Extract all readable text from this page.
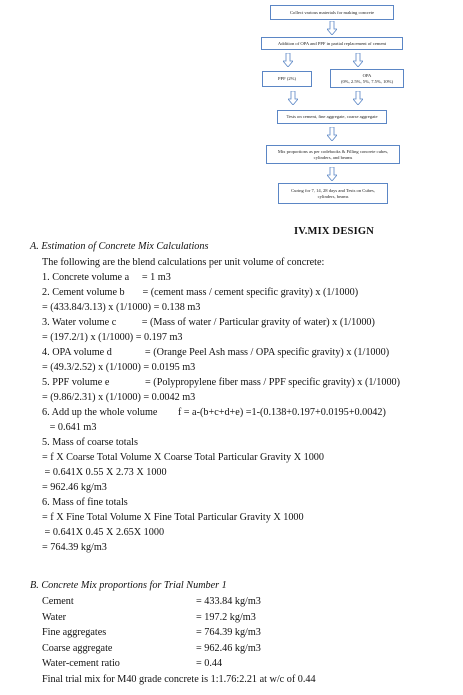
Collect various materials for making concrete
Addition of OPA and PPF in partial replacement of cement
PPF (2%)
OPA
(0%, 2.5%, 5%, 7.5%, 10%)
Tests on cement, fine aggregate, coarse aggregate
Mix proportions as per codebooks & Filling concrete cubes,
cylinders, and beams
Curing for 7, 14, 28 days and Tests on Cubes,
cylinders, beams
IV.MIX DESIGN
A. Estimation of Concrete Mix Calculations
The following are the blend calculations per unit volume of concrete:
1. Concrete volume a     = 1 m3
2. Cement volume b       = (cement mass / cement specific gravity) x (1/1000)
= (433.84/3.13) x (1/1000) = 0.138 m3
3. Water volume c          = (Mass of water / Particular gravity of water) x (1/1000)
= (197.2/1) x (1/1000) = 0.197 m3
4. OPA volume d             = (Orange Peel Ash mass / OPA specific gravity) x (1/1000)
= (49.3/2.52) x (1/1000) = 0.0195 m3
5. PPF volume e              = (Polypropylene fiber mass / PPF specific gravity) x (1/1000)
= (9.86/2.31) x (1/1000) = 0.0042 m3
6. Add up the whole volume        f = a-(b+c+d+e) =1-(0.138+0.197+0.0195+0.0042)
= 0.641 m3
5. Mass of coarse totals
= f X Coarse Total Volume X Coarse Total Particular Gravity X 1000
= 0.641X 0.55 X 2.73 X 1000
= 962.46 kg/m3
6. Mass of fine totals
= f X Fine Total Volume X Fine Total Particular Gravity X 1000
= 0.641X 0.45 X 2.65X 1000
= 764.39 kg/m3
B. Concrete Mix proportions for Trial Number 1
Cement	= 433.84 kg/m3
Water	= 197.2 kg/m3
Fine aggregates	= 764.39 kg/m3
Coarse aggregate	= 962.46 kg/m3
Water-cement ratio	= 0.44
Final trial mix for M40 grade concrete is 1:1.76:2.21 at w/c of 0.44
